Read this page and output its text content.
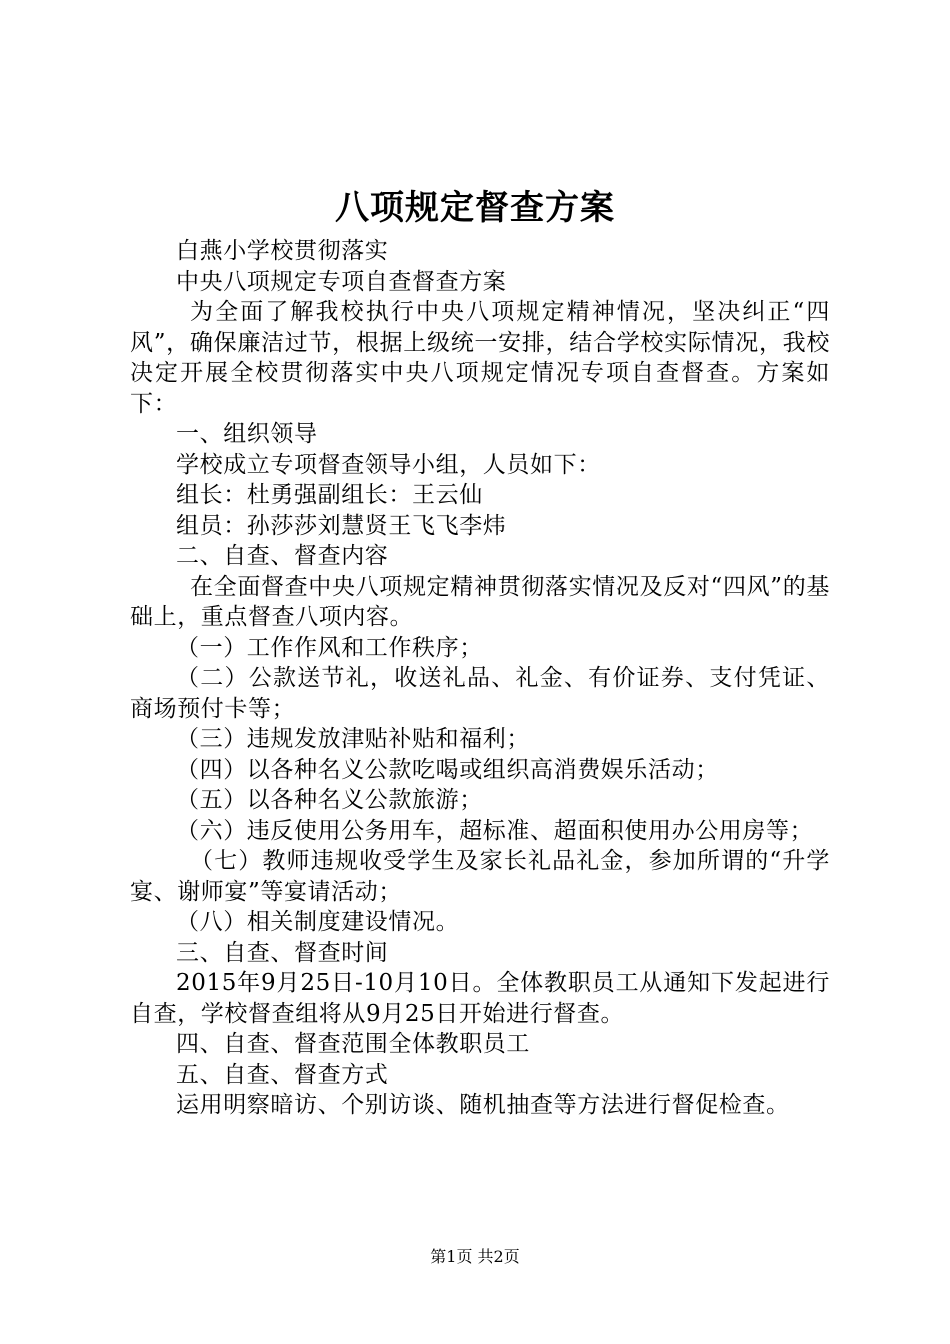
八项规定督查方案

白燕小学校贯彻落实

中央八项规定专项自查督查方案

为全面了解我校执行中央八项规定精神情况，坚决纠正“四风”，确保廉洁过节，根据上级统一安排，结合学校实际情况，我校决定开展全校贯彻落实中央八项规定情况专项自查督查。方案如下：

一、组织领导

学校成立专项督查领导小组，人员如下：

组长：杜勇强副组长：王云仙

组员：孙莎莎刘慧贤王飞飞李炜

二、自查、督查内容

在全面督查中央八项规定精神贯彻落实情况及反对“四风”的基础上，重点督查八项内容。

（一）工作作风和工作秩序；

（二）公款送节礼，收送礼品、礼金、有价证券、支付凭证、商场预付卡等；

（三）违规发放津贴补贴和福利；

（四）以各种名义公款吃喝或组织高消费娱乐活动；

（五）以各种名义公款旅游；

（六）违反使用公务用车，超标准、超面积使用办公用房等；

（七）教师违规收受学生及家长礼品礼金，参加所谓的“升学宴、谢师宴”等宴请活动；

（八）相关制度建设情况。

三、自查、督查时间

2015年9月25日-10月10日。全体教职员工从通知下发起进行自查，学校督查组将从9月25日开始进行督查。

四、自查、督查范围全体教职员工

五、自查、督查方式

运用明察暗访、个别访谈、随机抽查等方法进行督促检查。

第1页 共2页
